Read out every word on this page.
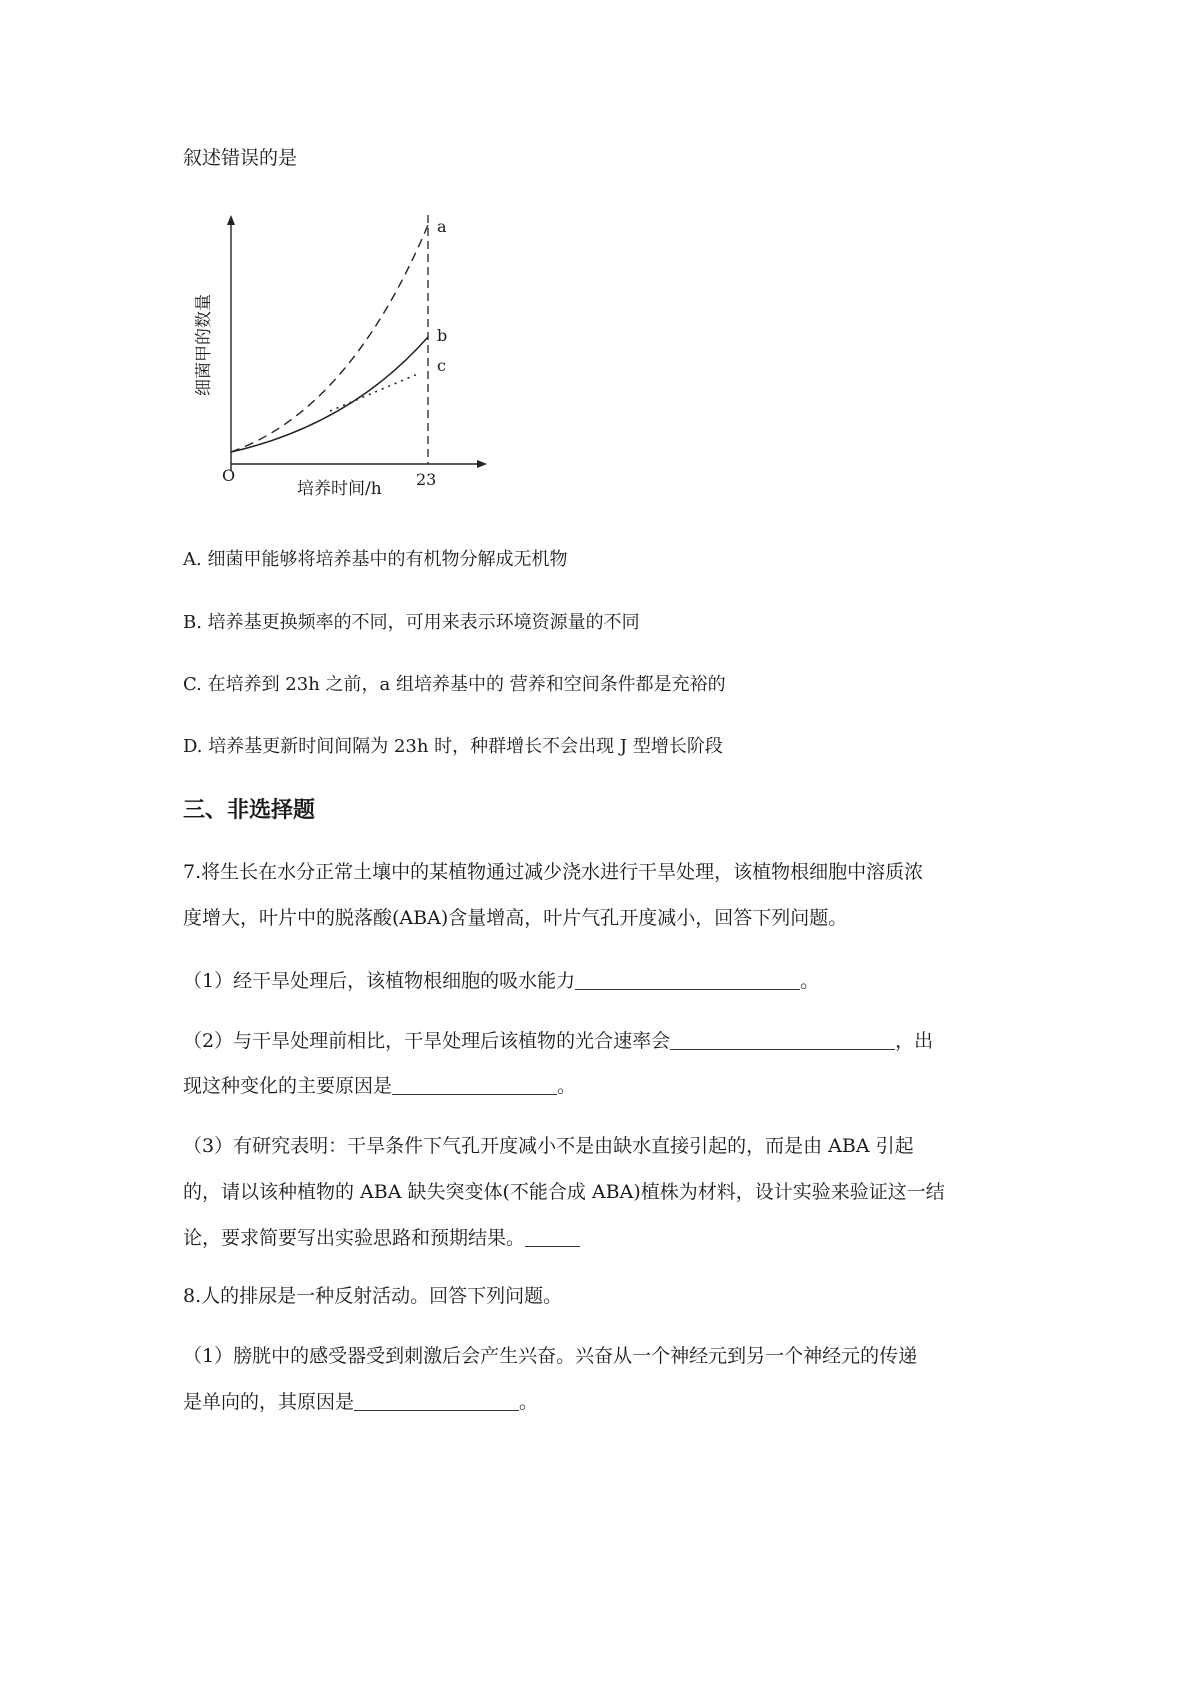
叙述错误的是
O	23
培养时间/h
a
b
c
细菌甲的数量
A. 细菌甲能够将培养基中的有机物分解成无机物
B. 培养基更换频率的不同，可用来表示环境资源量的不同
C. 在培养到 23h 之前，a 组培养基中的 营养和空间条件都是充裕的
D. 培养基更新时间间隔为 23h 时，种群增长不会出现 J 型增长阶段
三、非选择题
7.将生长在水分正常土壤中的某植物通过减少浇水进行干旱处理，该植物根细胞中溶质浓
度增大，叶片中的脱落酸(ABA)含量增高，叶片气孔开度减小，回答下列问题。
（1）经干旱处理后，该植物根细胞的吸水能力	。
（2）与干旱处理前相比，干旱处理后该植物的光合速率会	，出
现这种变化的主要原因是	。
（3）有研究表明：干旱条件下气孔开度减小不是由缺水直接引起的，而是由 ABA 引起
的，请以该种植物的 ABA 缺失突变体(不能合成 ABA)植株为材料，设计实验来验证这一结
论，要求简要写出实验思路和预期结果。
8.人的排尿是一种反射活动。回答下列问题。
（1）膀胱中的感受器受到刺激后会产生兴奋。兴奋从一个神经元到另一个神经元的传递
是单向的，其原因是	。
